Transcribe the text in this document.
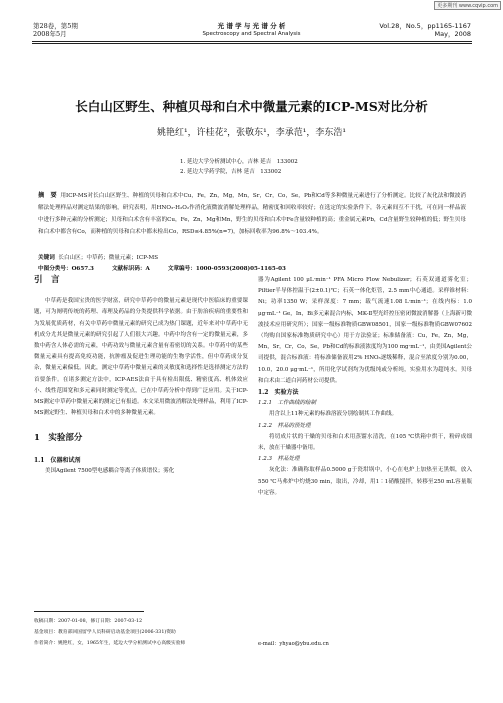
更多期刊 www.cqvip.com
第28卷，第5期
2008年5月
光 谱 学 与 光 谱 分 析
Spectroscopy and Spectral Analysis
Vol.28，No.5，pp1165-1167
May，2008
长白山区野生、种植贝母和白术中微量元素的ICP-MS对比分析
姚艳红¹，许桂花²，张敬东¹，李承范¹，李东浩¹
1. 延边大学分析测试中心，吉林 延吉　133002
2. 延边大学药学院，吉林 延吉　133002
摘　要 用ICP-MS对长白山区野生、种植的贝母和白术中Cu，Fe，Zn，Mg，Mn，Sr，Cr，Co，Se，Pb和Cd等多种微量元素进行了分析测定。比较了灰化法和微波消解法处理样品对测定结果的影响，研究表明，用HNO₃-H₂O₂作消化液微波消解处理样品，精密度和回收率较好；在选定的实验条件下，各元素间互不干扰，可在同一样品液中进行多种元素的分析测定；贝母和白术含有丰富的Cu，Fe，Zn，Mg和Mn，野生的贝母和白术中Fe含量较种植的高；重金属元素Pb，Cd含量野生较种植的低；野生贝母和白术中都含有Co，而种植的贝母和白术中都未检出Co，RSD≤4.85%(n=7)，加标回收率为96.8%～103.4%。
关键词 长白山区；中草药；微量元素；ICP-MS
中图分类号：O657.3	文献标识码：A	文章编号：1000-0593(2008)05-1165-03
引　言

中草药是我国宝贵的医学财富，研究中草药中的微量元素是现代中医临床的重要课题，可为阐明传统的药理、毒理及药品的分类提供科学依据。由于肪治疾病的重要性和为发展优质药材，有关中草药中微量元素的研究已成为热门课题，近年来对中草药中无机成分尤其是微量元素的研究引起了人们很大兴趣。中药中均含有一定的微量元素，多数中药含人体必需的元素，中药功效与微量元素含量有着密切的关系。中草药中的某些微量元素具有提高免疫功能，抗肿瘤及促进生理功能的生物学活性，但中草药成分复杂，微量元素偏低。因此，测定中草药中微量元素的灵敏度和选择性是选择测定方法的首要条件。在诸多测定方法中，ICP-AES法由于具有检出限低、精密度高、机体效应小、线性范围宽和多元素同时测定等优点，已在中草药分析中得到广泛应用。关于ICP-MS测定中草药中微量元素的测定已有报道。本文采用微波消解法处理样品，利用了ICP-MS测定野生、种植贝母和白术中的多种微量元素。

1　实验部分
1.1　仪器和试剂

美国Agilent 7500型电感耦合等离子体质谱仪；雾化

器为Agilent 100 μL·min⁻¹ PFA Micro Flow Nebulizer；石英双通道雾化室；Piltier半导体控温于(2±0.1)℃；石英一体化炬管，2.5 mm中心通道。采样锥材料：Ni；功率1350 W；采样深度：7 mm；载气流速1.08 L·min⁻¹；在线内标：1.0 μg·mL⁻¹ Ge，In，Bi多元素混合内标，MK-Ⅱ型光纤控压密闭微波消解器（上海新可微波技术应用研究所）；国家一级标准物质GBW08501，国家一级标准物质GBW07602（均购自国家标准物质研究中心）用于方法验证；标准储备液：Cu，Fe，Zn，Mg，Mn，Sr，Cr，Co，Se，Pb和Cd的标准液浓度均为100 mg·mL⁻¹，由美国Agilent公司提供，混合标准液：将标准储备液用2% HNO₃逐级稀释，混合至浓度分别为0.00，10.0，20.0 μg·mL⁻¹，所用化学试剂均为优级纯或分析纯，实验用水为超纯水。贝母和白术由二道白河药材公司提供。
1.2　实验方法
1.2.1　工作曲线的绘制

用含以上11种元素的标准溶液分别绘制其工作曲线。

1.2.2　样品的预处理

将切成片状的干燥的贝母和白术用蒸馏水清洗，在105 ℃烘箱中烘干，粉碎成细末，放在干燥器中备用。

1.2.3　样品处理

灰化法：准确称取样品0.5000 g于瓷坩埚中，小心在电炉上加热至无黑烟，放入550 ℃马弗炉中灼烧30 min，取出，冷却，用1∶1硝酸搅拌，转移至250 mL容量瓶中定容。

收稿日期：2007-01-08，修订日期：2007-03-12
基金项目：教育部回国留学人员科研启动基金项目(2006-331)资助
作者简介：姚艳红，女，1965年生，延边大学分析测试中心高级实验师	e-mail：yhyao@ybu.edu.cn
